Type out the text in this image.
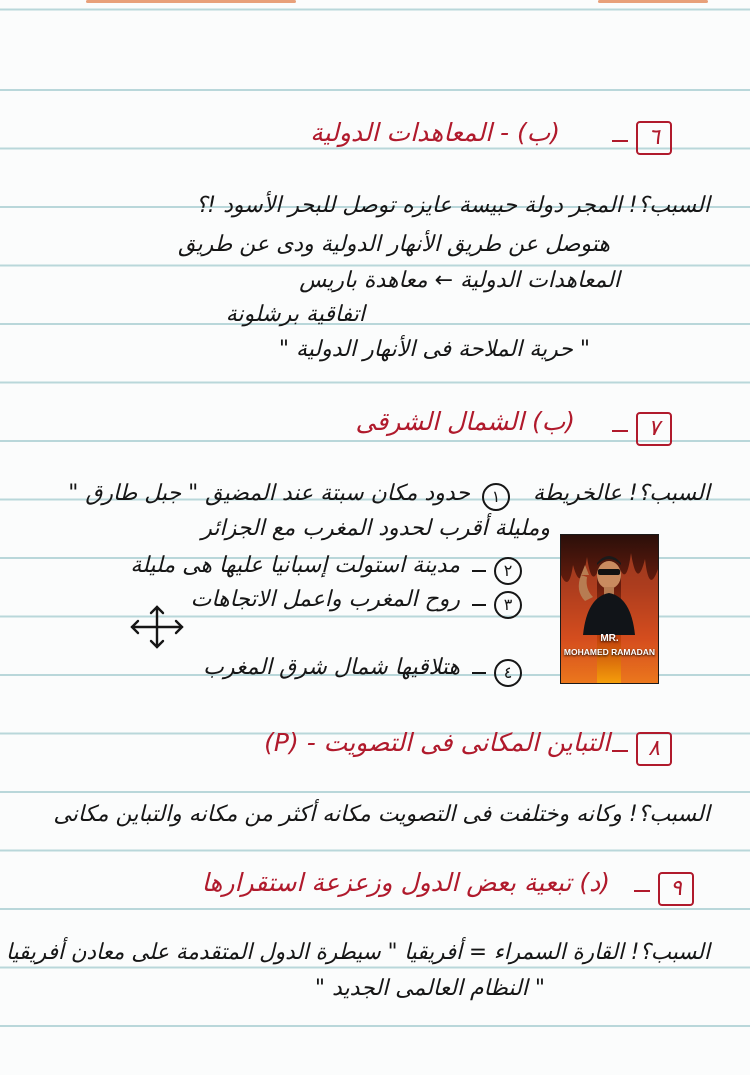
٦
(ب) - المعاهدات الدولية
السبب؟! المجر دولة حبيسة عايزه توصل للبحر الأسود !؟
هتوصل عن طريق الأنهار الدولية ودى عن طريق
المعاهدات الدولية ← معاهدة باريس
اتفاقية برشلونة
" حرية الملاحة فى الأنهار الدولية "
٧
(ب) الشمال الشرقى
السبب؟! عالخريطة
١
حدود مكان سبتة عند المضيق " جبل طارق "
ومليلة أقرب لحدود المغرب مع الجزائر
٢
مدينة استولت إسبانيا عليها هى مليلة
٣
روح المغرب واعمل الاتجاهات
٤
هتلاقيها شمال شرق المغرب
MR.
MOHAMED RAMADAN
٨
(P) - التباين المكانى فى التصويت
السبب؟! وكانه وختلفت فى التصويت مكانه أكثر من مكانه والتباين مكانى
٩
(د) تبعية بعض الدول وزعزعة استقرارها
السبب؟! القارة السمراء = أفريقيا " سيطرة الدول المتقدمة على معادن أفريقيا
" النظام العالمى الجديد "
